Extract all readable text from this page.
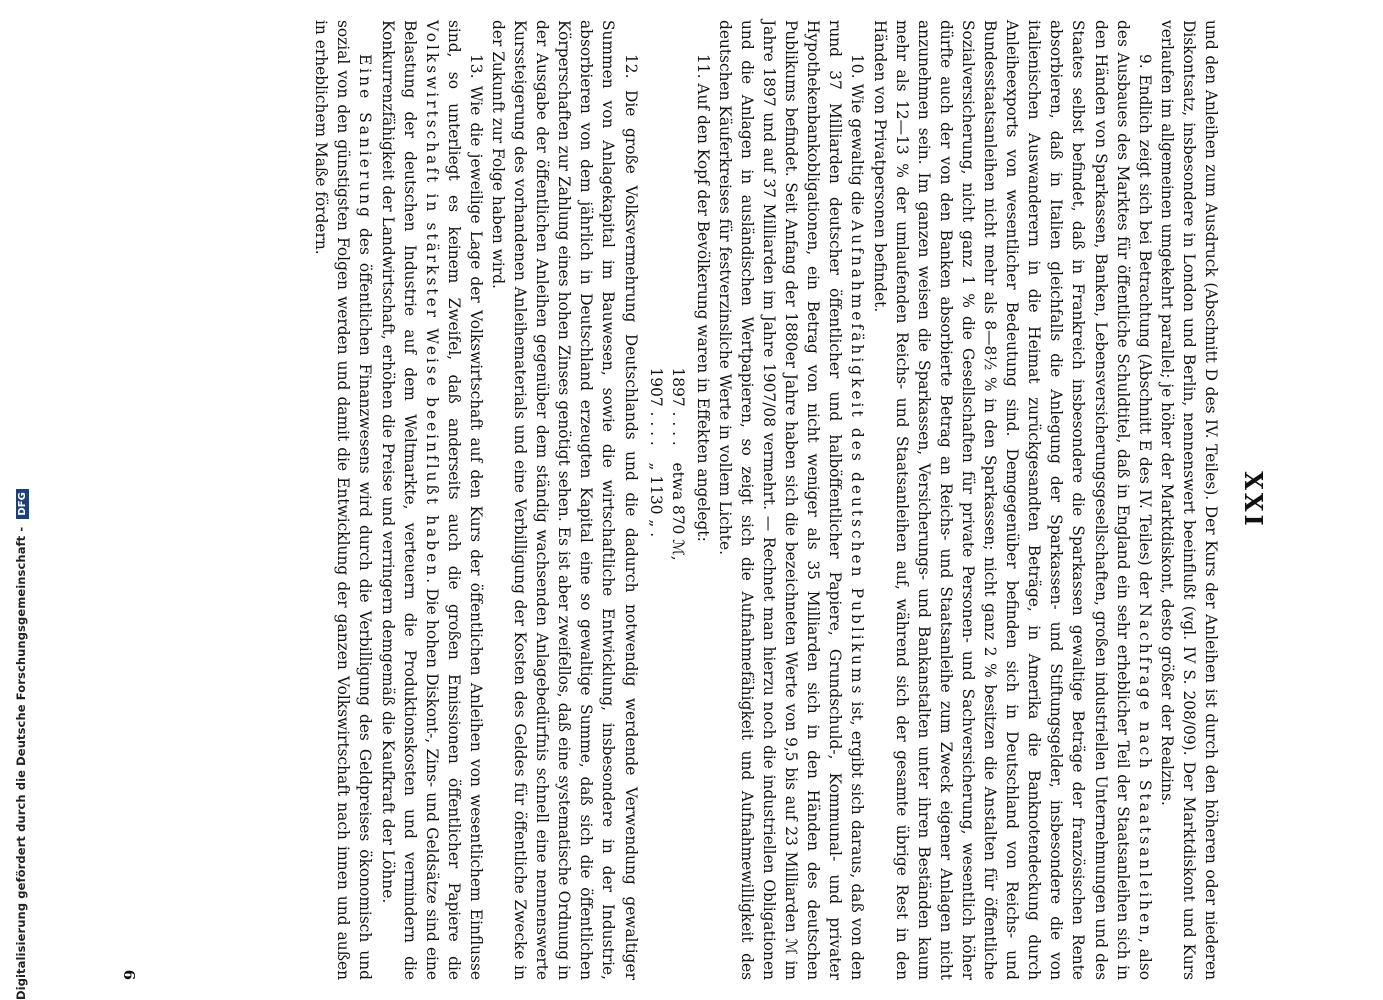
XXI

und den Anleihen zum Ausdruck (Abschnitt D des IV. Teiles). Der Kurs der Anleihen ist durch den höheren oder niederen Diskontsatz, insbesondere in London und Berlin, nennenswert beeinflußt (vgl. IV S. 208/09). Der Marktdiskont und Kurs verlaufen im allgemeinen umgekehrt parallel; je höher der Marktdiskont, desto größer der Realzins.

9. Endlich zeigt sich bei Betrachtung (Abschnitt E des IV. Teiles) der Nachfrage nach Staatsanleihen, also des Ausbaues des Marktes für öffentliche Schuldtitel, daß in England ein sehr erheblicher Teil der Staatsanleihen sich in den Händen von Sparkassen, Banken, Lebensversicherungsgesellschaften, großen industriellen Unternehmungen und des Staates selbst befindet, daß in Frankreich insbesondere die Sparkassen gewaltige Beträge der französischen Rente absorbieren, daß in Italien gleichfalls die Anlegung der Sparkassen- und Stiftungsgelder, insbesondere die von italienischen Auswanderern in die Heimat zurückgesandten Beträge, in Amerika die Banknotendeckung durch Anleiheexports von wesentlicher Bedeutung sind. Demgegenüber befinden sich in Deutschland von Reichs- und Bundesstaatsanleihen nicht mehr als 8—8½ % in den Sparkassen; nicht ganz 2 % besitzen die Anstalten für öffentliche Sozialversicherung, nicht ganz 1 % die Gesellschaften für private Personen- und Sachversicherung, wesentlich höher dürfte auch der von den Banken absorbierte Betrag an Reichs- und Staatsanleihe zum Zweck eigener Anlagen nicht anzunehmen sein. Im ganzen weisen die Sparkassen, Versicherungs- und Bankanstalten unter ihren Beständen kaum mehr als 12—13 % der umlaufenden Reichs- und Staatsanleihen auf, während sich der gesamte übrige Rest in den Händen von Privatpersonen befindet.

10. Wie gewaltig die Aufnahmefähigkeit des deutschen Publikums ist, ergibt sich daraus, daß von den rund 37 Milliarden deutscher öffentlicher und halböffentlicher Papiere, Grundschuld-, Kommunal- und privater Hypothekenbankobligationen, ein Betrag von nicht weniger als 35 Milliarden sich in den Händen des deutschen Publikums befindet. Seit Anfang der 1880er Jahre haben sich die bezeichneten Werte von 9,5 bis auf 23 Milliarden ℳ im Jahre 1897 und auf 37 Milliarden im Jahre 1907/08 vermehrt. — Rechnet man hierzu noch die industriellen Obligationen und die Anlagen in ausländischen Wertpapieren, so zeigt sich die Aufnahmefähigkeit und Aufnahmewilligkeit des deutschen Käuferkreises für festverzinsliche Werte in vollem Lichte.

11. Auf den Kopf der Bevölkerung waren in Effekten angelegt:

1897 . . . .
etwa 870 ℳ,
1907 . . . .
„ 1130 „ .

12. Die große Volksvermehrung Deutschlands und die dadurch notwendig werdende Verwendung gewaltiger Summen von Anlagekapital im Bauwesen, sowie die wirtschaftliche Entwicklung, insbesondere in der Industrie, absorbieren von dem jährlich in Deutschland erzeugten Kapital eine so gewaltige Summe, daß sich die öffentlichen Körperschaften zur Zahlung eines hohen Zinses genötigt sehen. Es ist aber zweifellos, daß eine systematische Ordnung in der Ausgabe der öffentlichen Anleihen gegenüber dem ständig wachsenden Anlagebedürfnis schnell eine nennenswerte Kurssteigerung des vorhandenen Anleihematerials und eine Verbilligung der Kosten des Geldes für öffentliche Zwecke in der Zukunft zur Folge haben wird.

13. Wie die jeweilige Lage der Volkswirtschaft auf den Kurs der öffentlichen Anleihen von wesentlichem Einflusse sind, so unterliegt es keinem Zweifel, daß anderseits auch die großen Emissionen öffentlicher Papiere die Volkswirtschaft in stärkster Weise beeinflußt haben. Die hohen Diskont-, Zins- und Geldsätze sind eine Belastung der deutschen Industrie auf dem Weltmarkte, verteuern die Produktionskosten und vermindern die Konkurrenzfähigkeit der Landwirtschaft, erhöhen die Preise und verringern demgemäß die Kaufkraft der Löhne.

Eine Sanierung des öffentlichen Finanzwesens wird durch die Verbilligung des Geldpreises ökonomisch und sozial von den günstigsten Folgen werden und damit die Entwicklung der ganzen Volkswirtschaft nach innen und außen in erheblichem Maße fördern.

6
Digitalisierung gefördert durch die Deutsche Forschungsgemeinschaft - DFG
